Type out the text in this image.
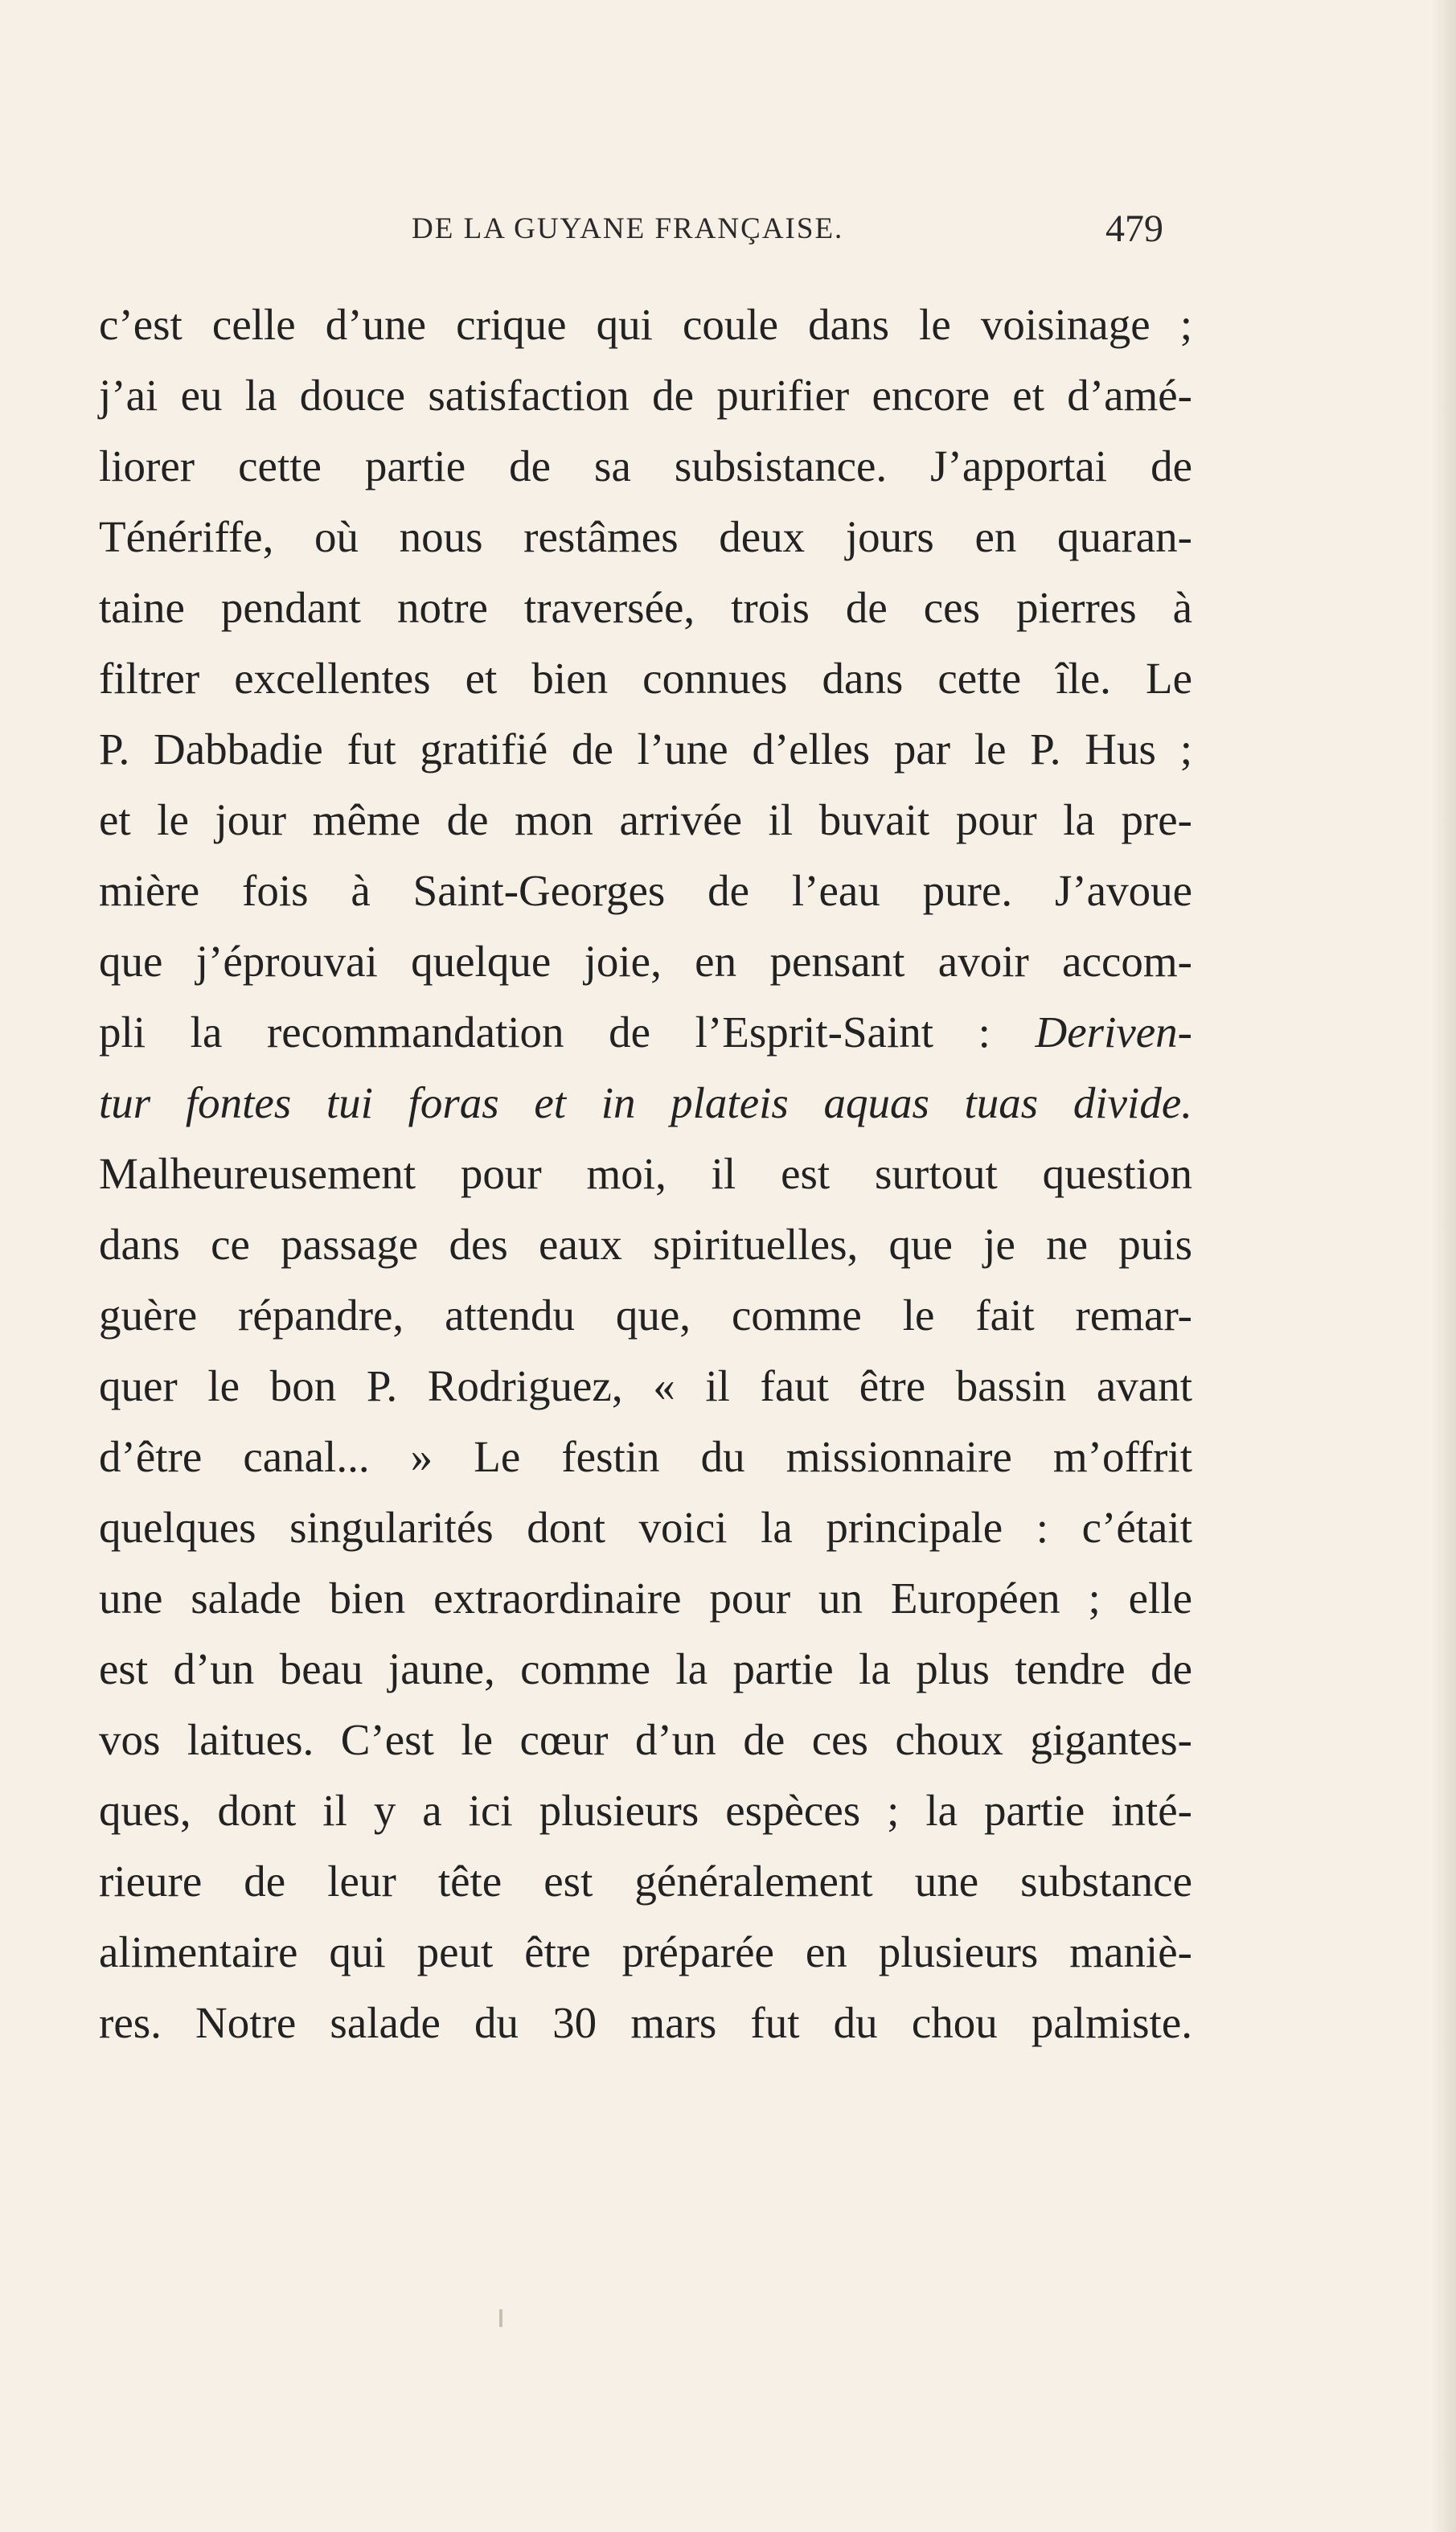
DE LA GUYANE FRANÇAISE.	479
c’est celle d’une crique qui coule dans le voisinage ;
j’ai eu la douce satisfaction de purifier encore et d’amé-
liorer cette partie de sa subsistance. J’apportai de
Ténériffe, où nous restâmes deux jours en quaran-
taine pendant notre traversée, trois de ces pierres à
filtrer excellentes et bien connues dans cette île. Le
P. Dabbadie fut gratifié de l’une d’elles par le P. Hus ;
et le jour même de mon arrivée il buvait pour la pre-
mière fois à Saint-Georges de l’eau pure. J’avoue
que j’éprouvai quelque joie, en pensant avoir accom-
pli la recommandation de l’Esprit-Saint : Deriven-
tur fontes tui foras et in plateis aquas tuas divide.
Malheureusement pour moi, il est surtout question
dans ce passage des eaux spirituelles, que je ne puis
guère répandre, attendu que, comme le fait remar-
quer le bon P. Rodriguez, « il faut être bassin avant
d’être canal... » Le festin du missionnaire m’offrit
quelques singularités dont voici la principale : c’était
une salade bien extraordinaire pour un Européen ; elle
est d’un beau jaune, comme la partie la plus tendre de
vos laitues. C’est le cœur d’un de ces choux gigantes-
ques, dont il y a ici plusieurs espèces ; la partie inté-
rieure de leur tête est généralement une substance
alimentaire qui peut être préparée en plusieurs maniè-
res. Notre salade du 30 mars fut du chou palmiste.
